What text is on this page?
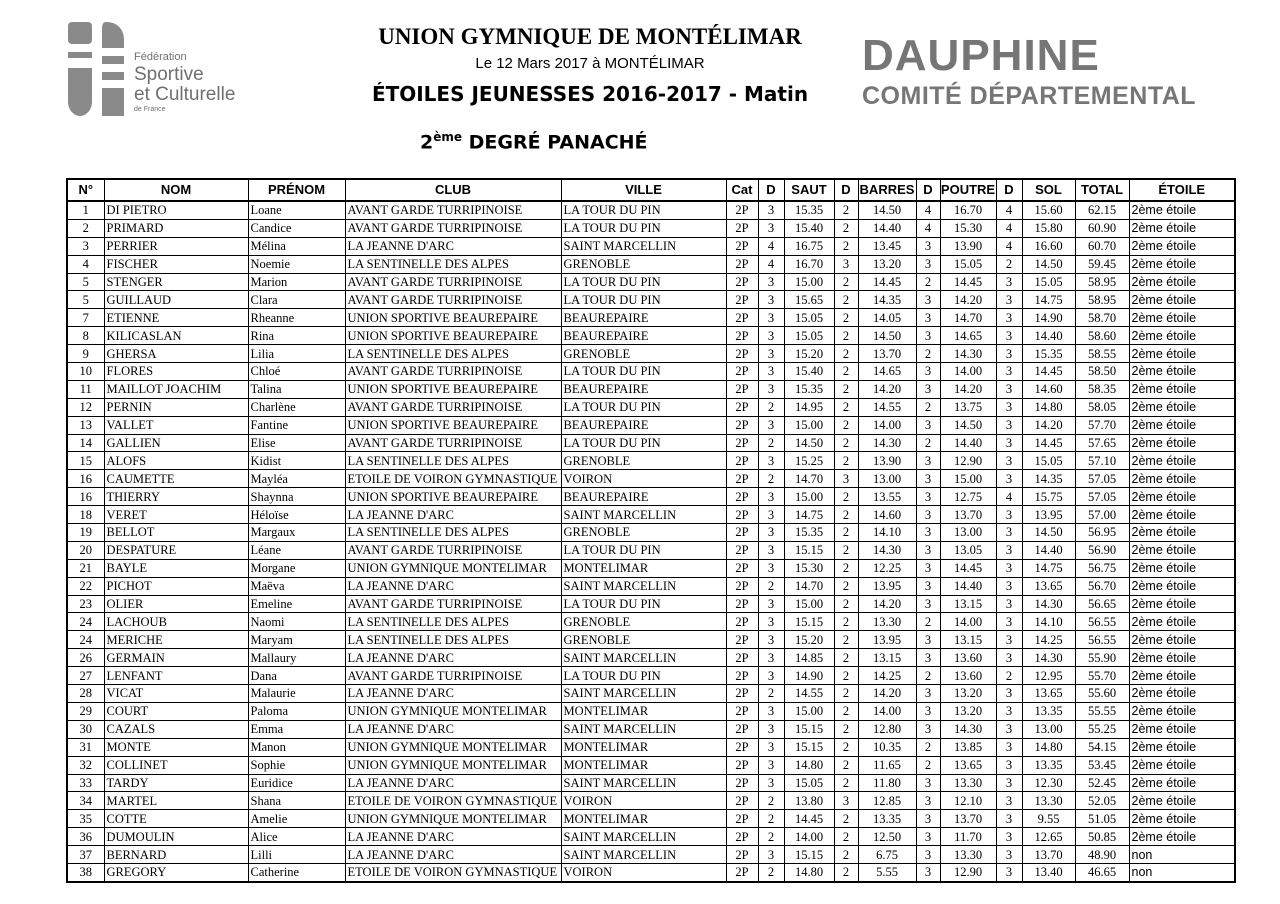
Fédération
Sportive
et Culturelle
de France
UNION GYMNIQUE DE MONTÉLIMAR
Le 12 Mars 2017 à MONTÉLIMAR
ÉTOILES JEUNESSES 2016-2017 - Matin
2ème DEGRÉ PANACHÉ
DAUPHINE
COMITÉ DÉPARTEMENTAL
N°	NOM	PRÉNOM	CLUB	VILLE	Cat	D	SAUT	D	BARRES	D	POUTRE	D	SOL	TOTAL	ÉTOILE
1	DI PIETRO	Loane	AVANT GARDE TURRIPINOISE	LA TOUR DU PIN	2P	3	15.35	2	14.50	4	16.70	4	15.60	62.15	2ème étoile
2	PRIMARD	Candice	AVANT GARDE TURRIPINOISE	LA TOUR DU PIN	2P	3	15.40	2	14.40	4	15.30	4	15.80	60.90	2ème étoile
3	PERRIER	Mélina	LA JEANNE D'ARC	SAINT MARCELLIN	2P	4	16.75	2	13.45	3	13.90	4	16.60	60.70	2ème étoile
4	FISCHER	Noemie	LA SENTINELLE DES ALPES	GRENOBLE	2P	4	16.70	3	13.20	3	15.05	2	14.50	59.45	2ème étoile
5	STENGER	Marion	AVANT GARDE TURRIPINOISE	LA TOUR DU PIN	2P	3	15.00	2	14.45	2	14.45	3	15.05	58.95	2ème étoile
5	GUILLAUD	Clara	AVANT GARDE TURRIPINOISE	LA TOUR DU PIN	2P	3	15.65	2	14.35	3	14.20	3	14.75	58.95	2ème étoile
7	ETIENNE	Rheanne	UNION SPORTIVE BEAUREPAIRE	BEAUREPAIRE	2P	3	15.05	2	14.05	3	14.70	3	14.90	58.70	2ème étoile
8	KILICASLAN	Rina	UNION SPORTIVE BEAUREPAIRE	BEAUREPAIRE	2P	3	15.05	2	14.50	3	14.65	3	14.40	58.60	2ème étoile
9	GHERSA	Lilia	LA SENTINELLE DES ALPES	GRENOBLE	2P	3	15.20	2	13.70	2	14.30	3	15.35	58.55	2ème étoile
10	FLORES	Chloé	AVANT GARDE TURRIPINOISE	LA TOUR DU PIN	2P	3	15.40	2	14.65	3	14.00	3	14.45	58.50	2ème étoile
11	MAILLOT JOACHIM	Talina	UNION SPORTIVE BEAUREPAIRE	BEAUREPAIRE	2P	3	15.35	2	14.20	3	14.20	3	14.60	58.35	2ème étoile
12	PERNIN	Charlène	AVANT GARDE TURRIPINOISE	LA TOUR DU PIN	2P	2	14.95	2	14.55	2	13.75	3	14.80	58.05	2ème étoile
13	VALLET	Fantine	UNION SPORTIVE BEAUREPAIRE	BEAUREPAIRE	2P	3	15.00	2	14.00	3	14.50	3	14.20	57.70	2ème étoile
14	GALLIEN	Elise	AVANT GARDE TURRIPINOISE	LA TOUR DU PIN	2P	2	14.50	2	14.30	2	14.40	3	14.45	57.65	2ème étoile
15	ALOFS	Kidist	LA SENTINELLE DES ALPES	GRENOBLE	2P	3	15.25	2	13.90	3	12.90	3	15.05	57.10	2ème étoile
16	CAUMETTE	Mayléa	ETOILE DE VOIRON GYMNASTIQUE	VOIRON	2P	2	14.70	3	13.00	3	15.00	3	14.35	57.05	2ème étoile
16	THIERRY	Shaynna	UNION SPORTIVE BEAUREPAIRE	BEAUREPAIRE	2P	3	15.00	2	13.55	3	12.75	4	15.75	57.05	2ème étoile
18	VERET	Héloïse	LA JEANNE D'ARC	SAINT MARCELLIN	2P	3	14.75	2	14.60	3	13.70	3	13.95	57.00	2ème étoile
19	BELLOT	Margaux	LA SENTINELLE DES ALPES	GRENOBLE	2P	3	15.35	2	14.10	3	13.00	3	14.50	56.95	2ème étoile
20	DESPATURE	Léane	AVANT GARDE TURRIPINOISE	LA TOUR DU PIN	2P	3	15.15	2	14.30	3	13.05	3	14.40	56.90	2ème étoile
21	BAYLE	Morgane	UNION GYMNIQUE MONTELIMAR	MONTELIMAR	2P	3	15.30	2	12.25	3	14.45	3	14.75	56.75	2ème étoile
22	PICHOT	Maëva	LA JEANNE D'ARC	SAINT MARCELLIN	2P	2	14.70	2	13.95	3	14.40	3	13.65	56.70	2ème étoile
23	OLIER	Emeline	AVANT GARDE TURRIPINOISE	LA TOUR DU PIN	2P	3	15.00	2	14.20	3	13.15	3	14.30	56.65	2ème étoile
24	LACHOUB	Naomi	LA SENTINELLE DES ALPES	GRENOBLE	2P	3	15.15	2	13.30	2	14.00	3	14.10	56.55	2ème étoile
24	MERICHE	Maryam	LA SENTINELLE DES ALPES	GRENOBLE	2P	3	15.20	2	13.95	3	13.15	3	14.25	56.55	2ème étoile
26	GERMAIN	Mallaury	LA JEANNE D'ARC	SAINT MARCELLIN	2P	3	14.85	2	13.15	3	13.60	3	14.30	55.90	2ème étoile
27	LENFANT	Dana	AVANT GARDE TURRIPINOISE	LA TOUR DU PIN	2P	3	14.90	2	14.25	2	13.60	2	12.95	55.70	2ème étoile
28	VICAT	Malaurie	LA JEANNE D'ARC	SAINT MARCELLIN	2P	2	14.55	2	14.20	3	13.20	3	13.65	55.60	2ème étoile
29	COURT	Paloma	UNION GYMNIQUE MONTELIMAR	MONTELIMAR	2P	3	15.00	2	14.00	3	13.20	3	13.35	55.55	2ème étoile
30	CAZALS	Emma	LA JEANNE D'ARC	SAINT MARCELLIN	2P	3	15.15	2	12.80	3	14.30	3	13.00	55.25	2ème étoile
31	MONTE	Manon	UNION GYMNIQUE MONTELIMAR	MONTELIMAR	2P	3	15.15	2	10.35	2	13.85	3	14.80	54.15	2ème étoile
32	COLLINET	Sophie	UNION GYMNIQUE MONTELIMAR	MONTELIMAR	2P	3	14.80	2	11.65	2	13.65	3	13.35	53.45	2ème étoile
33	TARDY	Euridice	LA JEANNE D'ARC	SAINT MARCELLIN	2P	3	15.05	2	11.80	3	13.30	3	12.30	52.45	2ème étoile
34	MARTEL	Shana	ETOILE DE VOIRON GYMNASTIQUE	VOIRON	2P	2	13.80	3	12.85	3	12.10	3	13.30	52.05	2ème étoile
35	COTTE	Amelie	UNION GYMNIQUE MONTELIMAR	MONTELIMAR	2P	2	14.45	2	13.35	3	13.70	3	9.55	51.05	2ème étoile
36	DUMOULIN	Alice	LA JEANNE D'ARC	SAINT MARCELLIN	2P	2	14.00	2	12.50	3	11.70	3	12.65	50.85	2ème étoile
37	BERNARD	Lilli	LA JEANNE D'ARC	SAINT MARCELLIN	2P	3	15.15	2	6.75	3	13.30	3	13.70	48.90	non
38	GREGORY	Catherine	ETOILE DE VOIRON GYMNASTIQUE	VOIRON	2P	2	14.80	2	5.55	3	12.90	3	13.40	46.65	non
